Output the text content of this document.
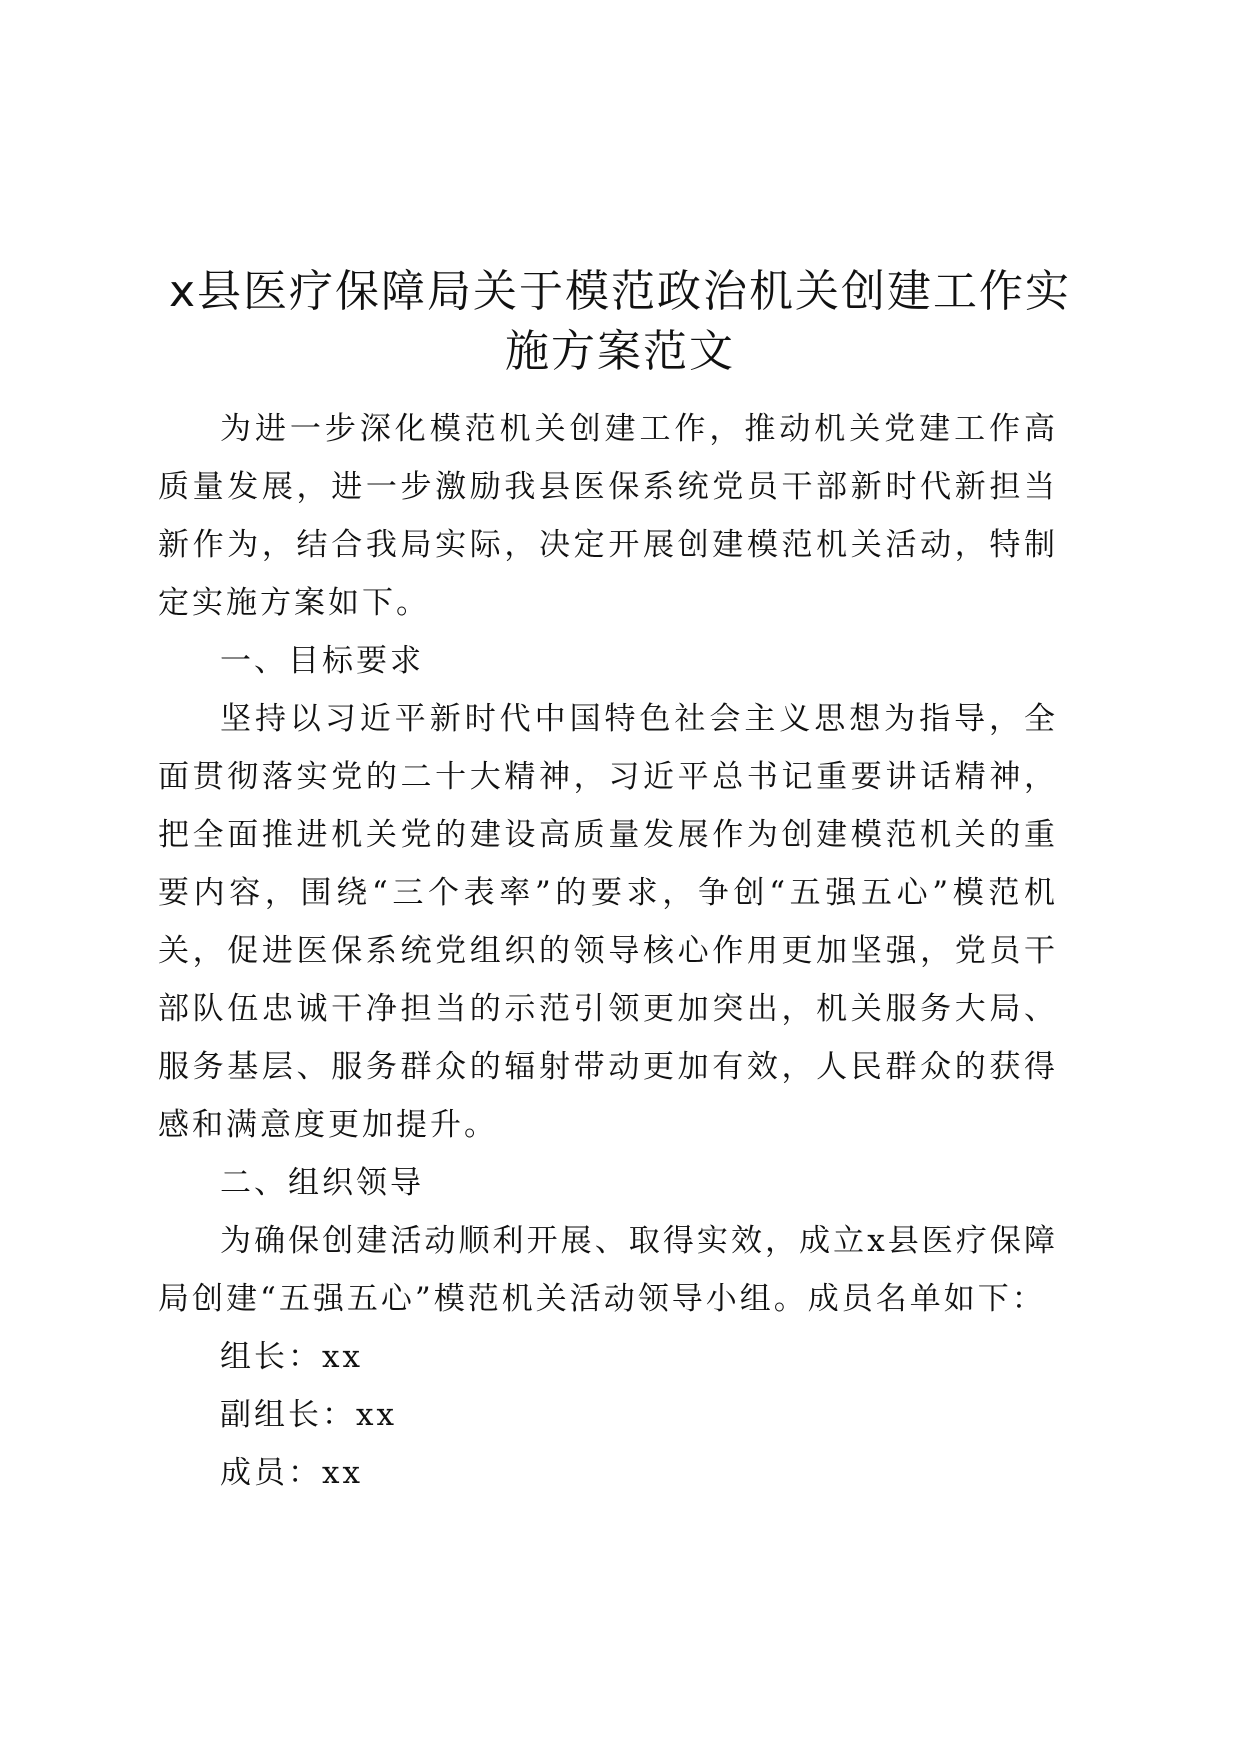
x县医疗保障局关于模范政治机关创建工作实
施方案范文

为进一步深化模范机关创建工作，推动机关党建工作高质量发展，进一步激励我县医保系统党员干部新时代新担当新作为，结合我局实际，决定开展创建模范机关活动，特制定实施方案如下。

一、目标要求

坚持以习近平新时代中国特色社会主义思想为指导，全面贯彻落实党的二十大精神，习近平总书记重要讲话精神，把全面推进机关党的建设高质量发展作为创建模范机关的重要内容，围绕“三个表率”的要求，争创“五强五心”模范机关，促进医保系统党组织的领导核心作用更加坚强，党员干部队伍忠诚干净担当的示范引领更加突出，机关服务大局、服务基层、服务群众的辐射带动更加有效，人民群众的获得感和满意度更加提升。

二、组织领导

为确保创建活动顺利开展、取得实效，成立x县医疗保障局创建“五强五心”模范机关活动领导小组。成员名单如下：

组长：xx

副组长：xx

成员：xx
